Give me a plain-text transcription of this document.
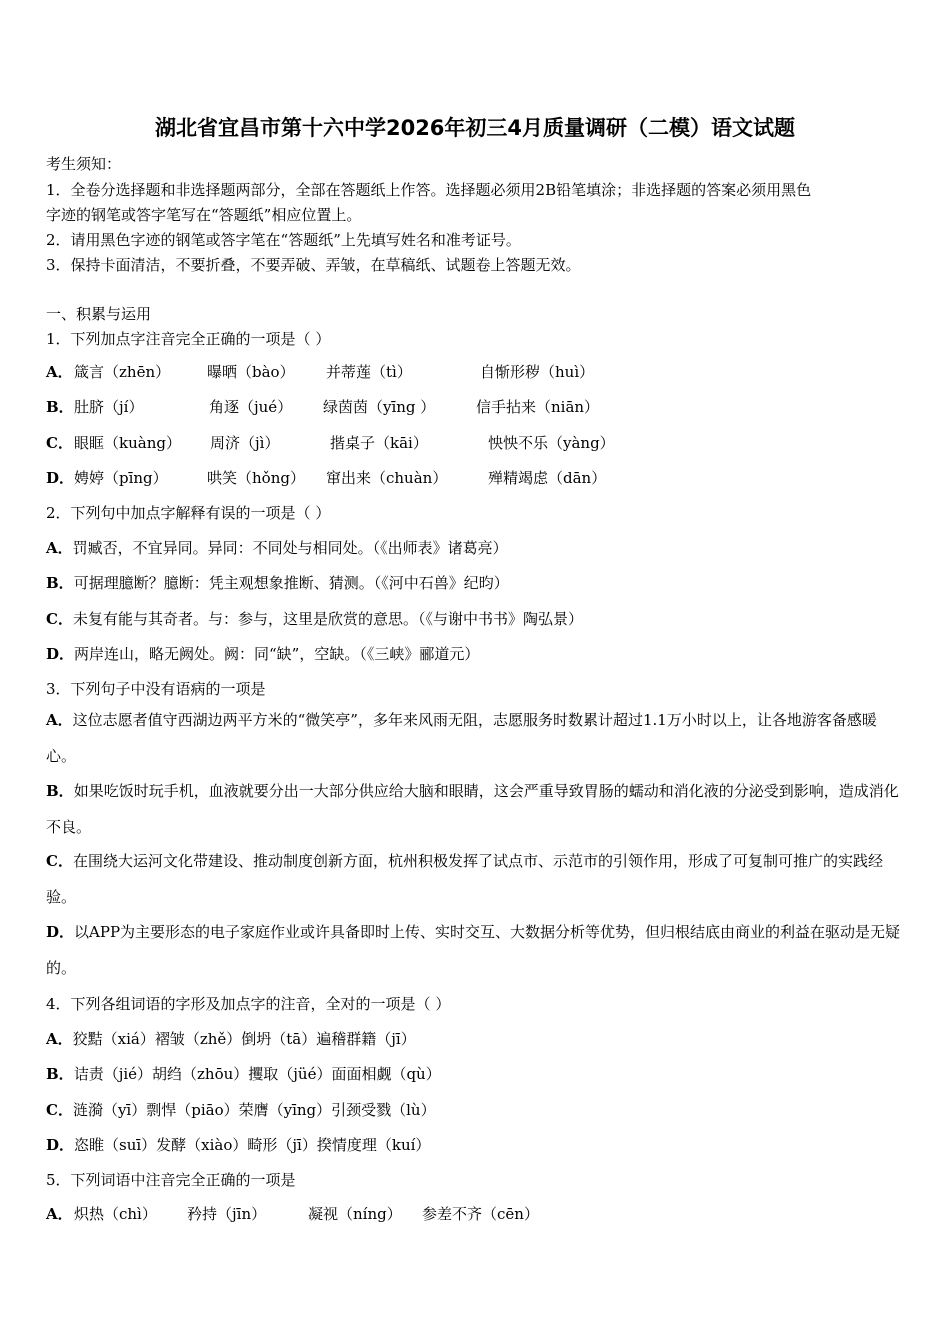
湖北省宜昌市第十六中学2026年初三4月质量调研（二模）语文试题
考生须知：
1．全卷分选择题和非选择题两部分，全部在答题纸上作答。选择题必须用2B铅笔填涂；非选择题的答案必须用黑色
字迹的钢笔或答字笔写在“答题纸”相应位置上。
2．请用黑色字迹的钢笔或答字笔在“答题纸”上先填写姓名和准考证号。
3．保持卡面清洁，不要折叠，不要弄破、弄皱，在草稿纸、试题卷上答题无效。
一、积累与运用
1．下列加点字注音完全正确的一项是（ ）
A． 箴言（zhēn） 曝晒（bào） 并蒂莲（tì）	自惭形秽（huì）
B． 肚脐（jí）	角逐（jué） 绿茵茵（yīng ）	信手拈来（niān）
C． 眼眶（kuàng） 周济（jì）	揩桌子（kāi）	怏怏不乐（yàng）
D． 娉婷（pīng）	哄笑（hǒng） 窜出来（chuàn）	殚精竭虑（dān）
2．下列句中加点字解释有误的一项是（ ）
A．罚臧否，不宜异同。异同：不同处与相同处。（《出师表》诸葛亮）
B．可据理臆断？臆断：凭主观想象推断、猜测。（《河中石兽》纪昀）
C．未复有能与其奇者。与：参与，这里是欣赏的意思。（《与谢中书书》陶弘景）
D．两岸连山，略无阙处。阙：同“缺”，空缺。（《三峡》郦道元）
3．下列句子中没有语病的一项是
A．这位志愿者值守西湖边两平方米的“微笑亭”，多年来风雨无阻，志愿服务时数累计超过1.1万小时以上，让各地游客备感暖心。
B．如果吃饭时玩手机，血液就要分出一大部分供应给大脑和眼睛，这会严重导致胃肠的蠕动和消化液的分泌受到影响，造成消化不良。
C．在围绕大运河文化带建设、推动制度创新方面，杭州积极发挥了试点市、示范市的引领作用，形成了可复制可推广的实践经验。
D．以APP为主要形态的电子家庭作业或许具备即时上传、实时交互、大数据分析等优势，但归根结底由商业的利益在驱动是无疑的。
4．下列各组词语的字形及加点字的注音，全对的一项是（ ）
A．狡黠（xiá）褶皱（zhě）倒坍（tā）遍稽群籍（jī）
B．诘责（jié）胡绉（zhōu）攫取（jüé）面面相觑（qù）
C．涟漪（yī）剽悍（piāo）荣膺（yīng）引颈受戮（lù）
D．恣睢（suī）发酵（xiào）畸形（jī）揆情度理（kuí）
5．下列词语中注音完全正确的一项是
A． 炽热（chì） 矜持（jīn）	凝视（níng） 参差不齐（cēn）
